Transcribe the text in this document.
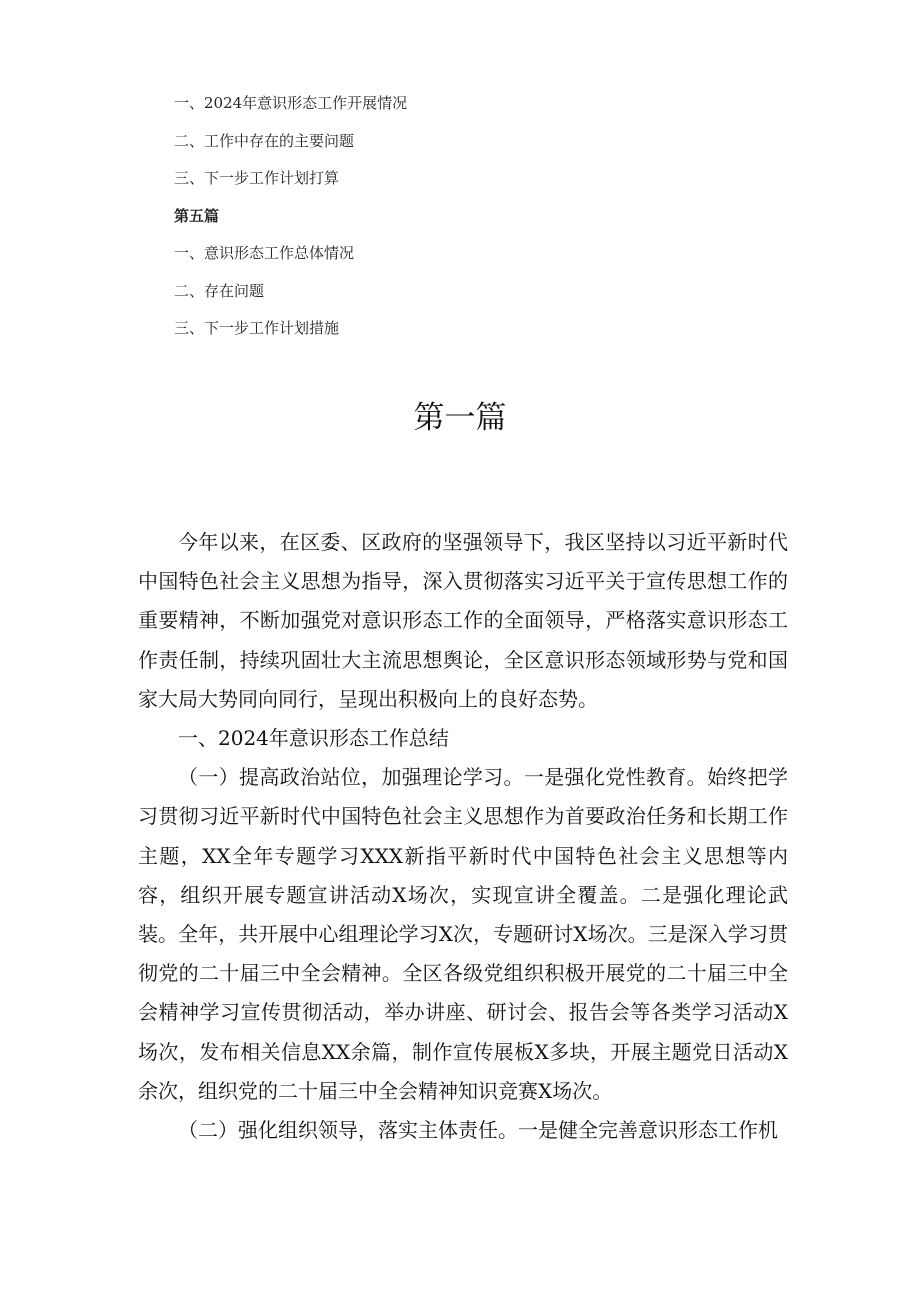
一、2024年意识形态工作开展情况
二、工作中存在的主要问题
三、下一步工作计划打算
第五篇
一、意识形态工作总体情况
二、存在问题
三、下一步工作计划措施
第一篇

今年以来，在区委、区政府的坚强领导下，我区坚持以习近平新时代中国特色社会主义思想为指导，深入贯彻落实习近平关于宣传思想工作的重要精神，不断加强党对意识形态工作的全面领导，严格落实意识形态工作责任制，持续巩固壮大主流思想舆论，全区意识形态领域形势与党和国家大局大势同向同行，呈现出积极向上的良好态势。

一、2024年意识形态工作总结

（一）提高政治站位，加强理论学习。一是强化党性教育。始终把学习贯彻习近平新时代中国特色社会主义思想作为首要政治任务和长期工作主题，XX全年专题学习XXX新指平新时代中国特色社会主义思想等内容，组织开展专题宣讲活动X场次，实现宣讲全覆盖。二是强化理论武装。全年，共开展中心组理论学习X次，专题研讨X场次。三是深入学习贯彻党的二十届三中全会精神。全区各级党组织积极开展党的二十届三中全会精神学习宣传贯彻活动，举办讲座、研讨会、报告会等各类学习活动X场次，发布相关信息XX余篇，制作宣传展板X多块，开展主题党日活动X余次，组织党的二十届三中全会精神知识竞赛X场次。

（二）强化组织领导，落实主体责任。一是健全完善意识形态工作机
